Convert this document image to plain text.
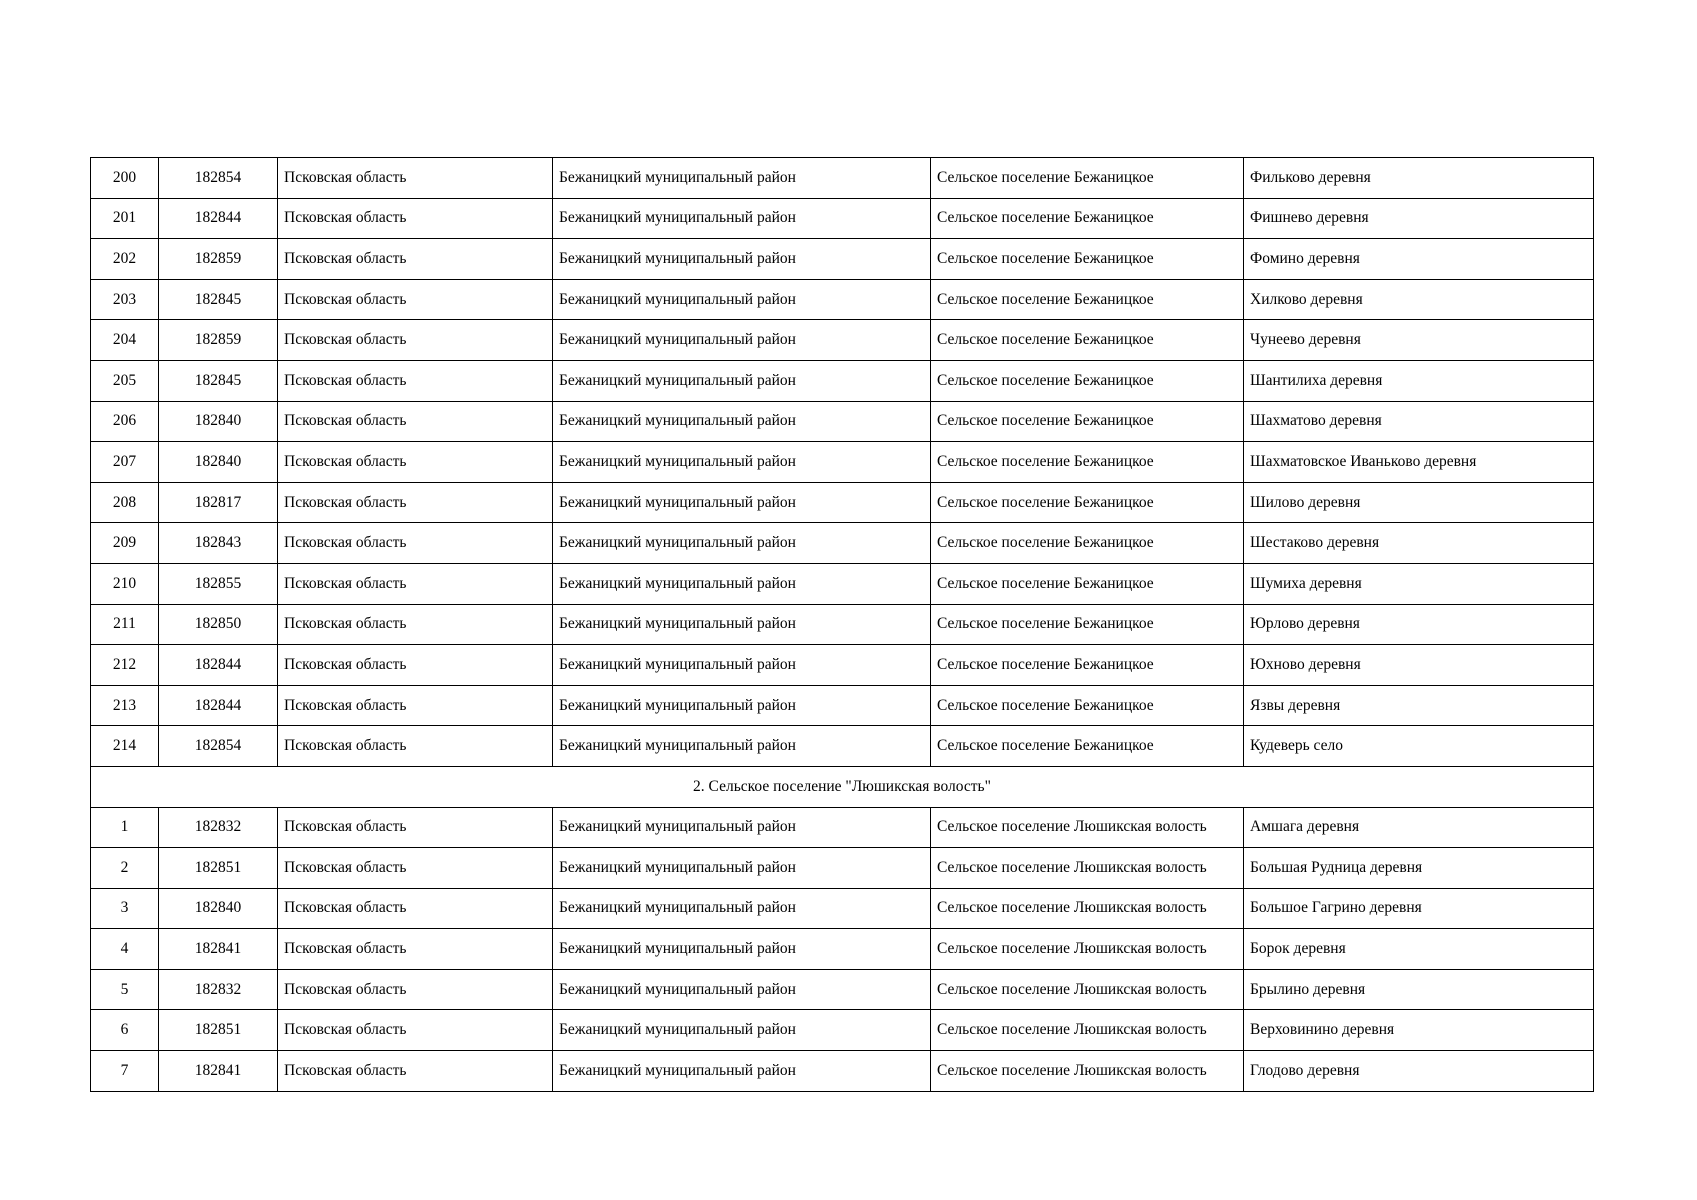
200	182854	Псковская область	Бежаницкий муниципальный район	Сельское поселение Бежаницкое	Фильково деревня
201	182844	Псковская область	Бежаницкий муниципальный район	Сельское поселение Бежаницкое	Фишнево деревня
202	182859	Псковская область	Бежаницкий муниципальный район	Сельское поселение Бежаницкое	Фомино деревня
203	182845	Псковская область	Бежаницкий муниципальный район	Сельское поселение Бежаницкое	Хилково деревня
204	182859	Псковская область	Бежаницкий муниципальный район	Сельское поселение Бежаницкое	Чунеево деревня
205	182845	Псковская область	Бежаницкий муниципальный район	Сельское поселение Бежаницкое	Шантилиха деревня
206	182840	Псковская область	Бежаницкий муниципальный район	Сельское поселение Бежаницкое	Шахматово деревня
207	182840	Псковская область	Бежаницкий муниципальный район	Сельское поселение Бежаницкое	Шахматовское Иваньково деревня
208	182817	Псковская область	Бежаницкий муниципальный район	Сельское поселение Бежаницкое	Шилово деревня
209	182843	Псковская область	Бежаницкий муниципальный район	Сельское поселение Бежаницкое	Шестаково деревня
210	182855	Псковская область	Бежаницкий муниципальный район	Сельское поселение Бежаницкое	Шумиха деревня
211	182850	Псковская область	Бежаницкий муниципальный район	Сельское поселение Бежаницкое	Юрлово деревня
212	182844	Псковская область	Бежаницкий муниципальный район	Сельское поселение Бежаницкое	Юхново деревня
213	182844	Псковская область	Бежаницкий муниципальный район	Сельское поселение Бежаницкое	Язвы деревня
214	182854	Псковская область	Бежаницкий муниципальный район	Сельское поселение Бежаницкое	Кудеверь село
2. Сельское поселение "Люшикская волость"					
1	182832	Псковская область	Бежаницкий муниципальный район	Сельское поселение Люшикская волость	Амшага деревня
2	182851	Псковская область	Бежаницкий муниципальный район	Сельское поселение Люшикская волость	Большая Рудница деревня
3	182840	Псковская область	Бежаницкий муниципальный район	Сельское поселение Люшикская волость	Большое Гагрино деревня
4	182841	Псковская область	Бежаницкий муниципальный район	Сельское поселение Люшикская волость	Борок деревня
5	182832	Псковская область	Бежаницкий муниципальный район	Сельское поселение Люшикская волость	Брылино деревня
6	182851	Псковская область	Бежаницкий муниципальный район	Сельское поселение Люшикская волость	Верховинино деревня
7	182841	Псковская область	Бежаницкий муниципальный район	Сельское поселение Люшикская волость	Глодово деревня
